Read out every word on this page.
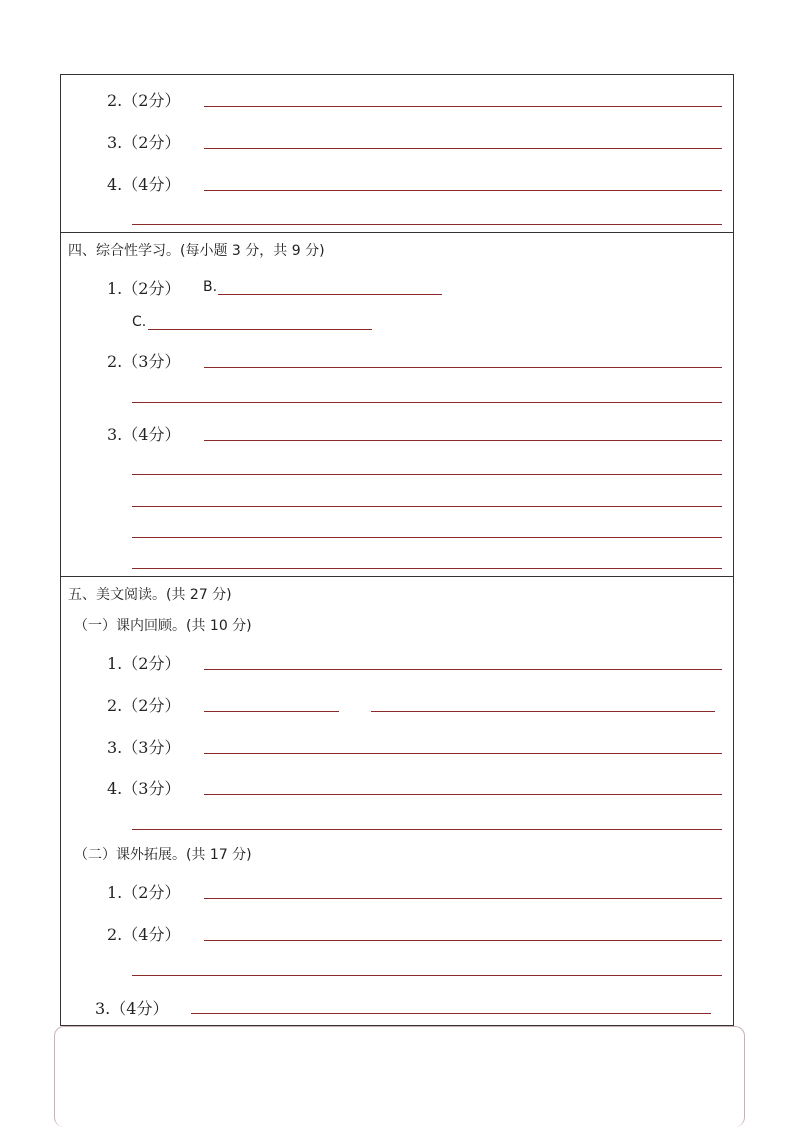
2.（2分）
3.（2分）
4.（4分）
四、综合性学习。(每小题 3 分，共 9 分)
1.（2分） B.
C.
2.（3分）
3.（4分）
五、美文阅读。(共 27 分)
（一）课内回顾。(共 10 分)
1.（2分）
2.（2分）
3.（3分）
4.（3分）
（二）课外拓展。(共 17 分)
1.（2分）
2.（4分）
3.（4分）
